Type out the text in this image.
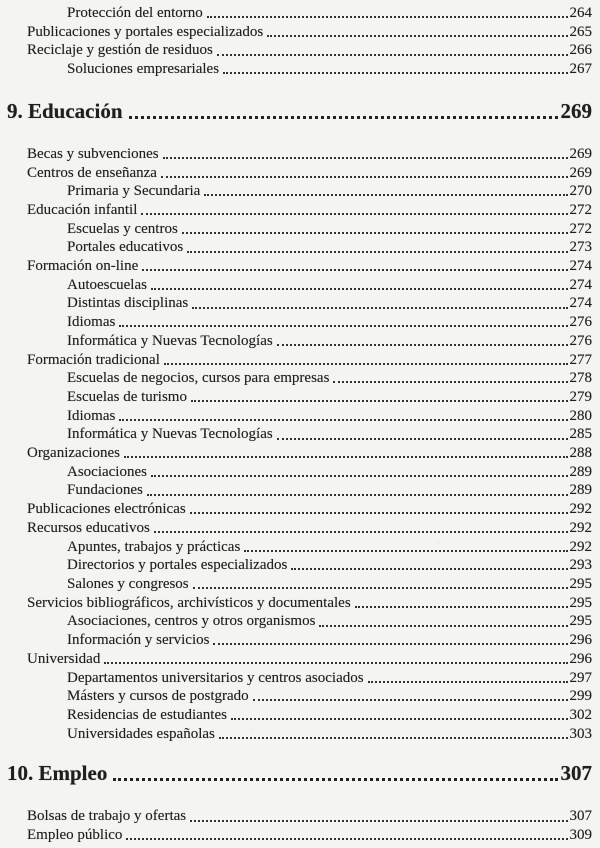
Protección del entorno	264
Publicaciones y portales especializados	265
Reciclaje y gestión de residuos	266
Soluciones empresariales	267
9. Educación	269
Becas y subvenciones	269
Centros de enseñanza	269
Primaria y Secundaria	270
Educación infantil	272
Escuelas y centros	272
Portales educativos	273
Formación on-line	274
Autoescuelas	274
Distintas disciplinas	274
Idiomas	276
Informática y Nuevas Tecnologías	276
Formación tradicional	277
Escuelas de negocios, cursos para empresas	278
Escuelas de turismo	279
Idiomas	280
Informática y Nuevas Tecnologías	285
Organizaciones	288
Asociaciones	289
Fundaciones	289
Publicaciones electrónicas	292
Recursos educativos	292
Apuntes, trabajos y prácticas	292
Directorios y portales especializados	293
Salones y congresos	295
Servicios bibliográficos, archivísticos y documentales	295
Asociaciones, centros y otros organismos	295
Información y servicios	296
Universidad	296
Departamentos universitarios y centros asociados	297
Másters y cursos de postgrado	299
Residencias de estudiantes	302
Universidades españolas	303
10. Empleo	307
Bolsas de trabajo y ofertas	307
Empleo público	309
